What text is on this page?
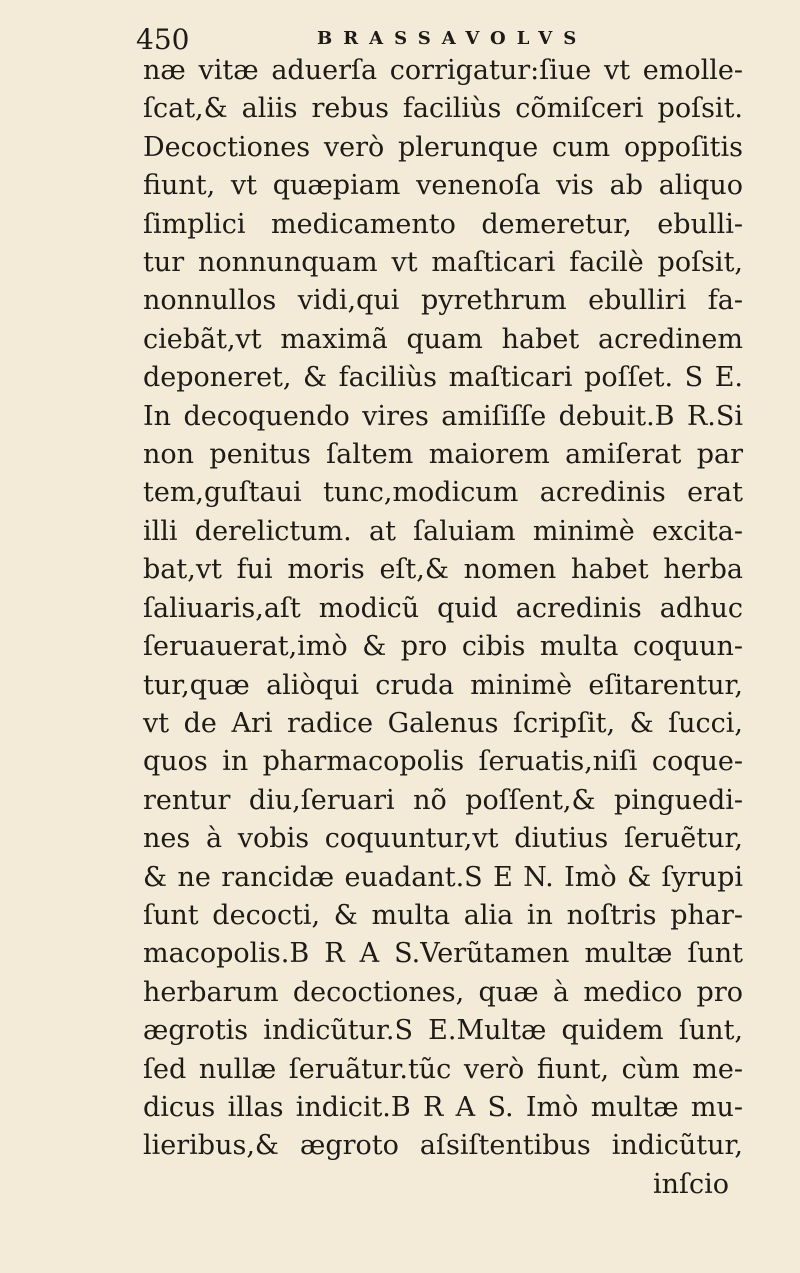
450	BRASSAVOLVS
næ vitæ aduerſa corrigatur:ſiue vt emolle-
ſcat,& aliis rebus faciliùs cõmiſceri poſsit.
Decoctiones verò plerunque cum oppoſitis
fiunt, vt quæpiam venenoſa vis ab aliquo
ſimplici medicamento demeretur, ebulli-
tur nonnunquam vt maſticari facilè poſsit,
nonnullos vidi,qui pyrethrum ebulliri fa-
ciebãt,vt maximã quam habet acredinem
deponeret, & faciliùs maſticari poſſet. S E.
In decoquendo vires amiſiſſe debuit.B R.Si
non penitus ſaltem maiorem amiſerat par
tem,guſtaui tunc,modicum acredinis erat
illi derelictum. at ſaluiam minimè excita-
bat,vt fui moris eſt,& nomen habet herba
ſaliuaris,aſt modicũ quid acredinis adhuc
ſeruauerat,imò & pro cibis multa coquun-
tur,quæ aliòqui cruda minimè eſitarentur,
vt de Ari radice Galenus ſcripſit, & ſucci,
quos in pharmacopolis ſeruatis,niſi coque-
rentur diu,ſeruari nõ poſſent,& pinguedi-
nes à vobis coquuntur,vt diutius ſeruẽtur,
& ne rancidæ euadant.S E N. Imò & ſyrupi
ſunt decocti, & multa alia in noſtris phar-
macopolis.B R A S.Verũtamen multæ ſunt
herbarum decoctiones, quæ à medico pro
ægrotis indicũtur.S E.Multæ quidem ſunt,
ſed nullæ ſeruãtur.tũc verò fiunt, cùm me-
dicus illas indicit.B R A S. Imò multæ mu-
lieribus,& ægroto aſsiſtentibus indicũtur,
inſcio
